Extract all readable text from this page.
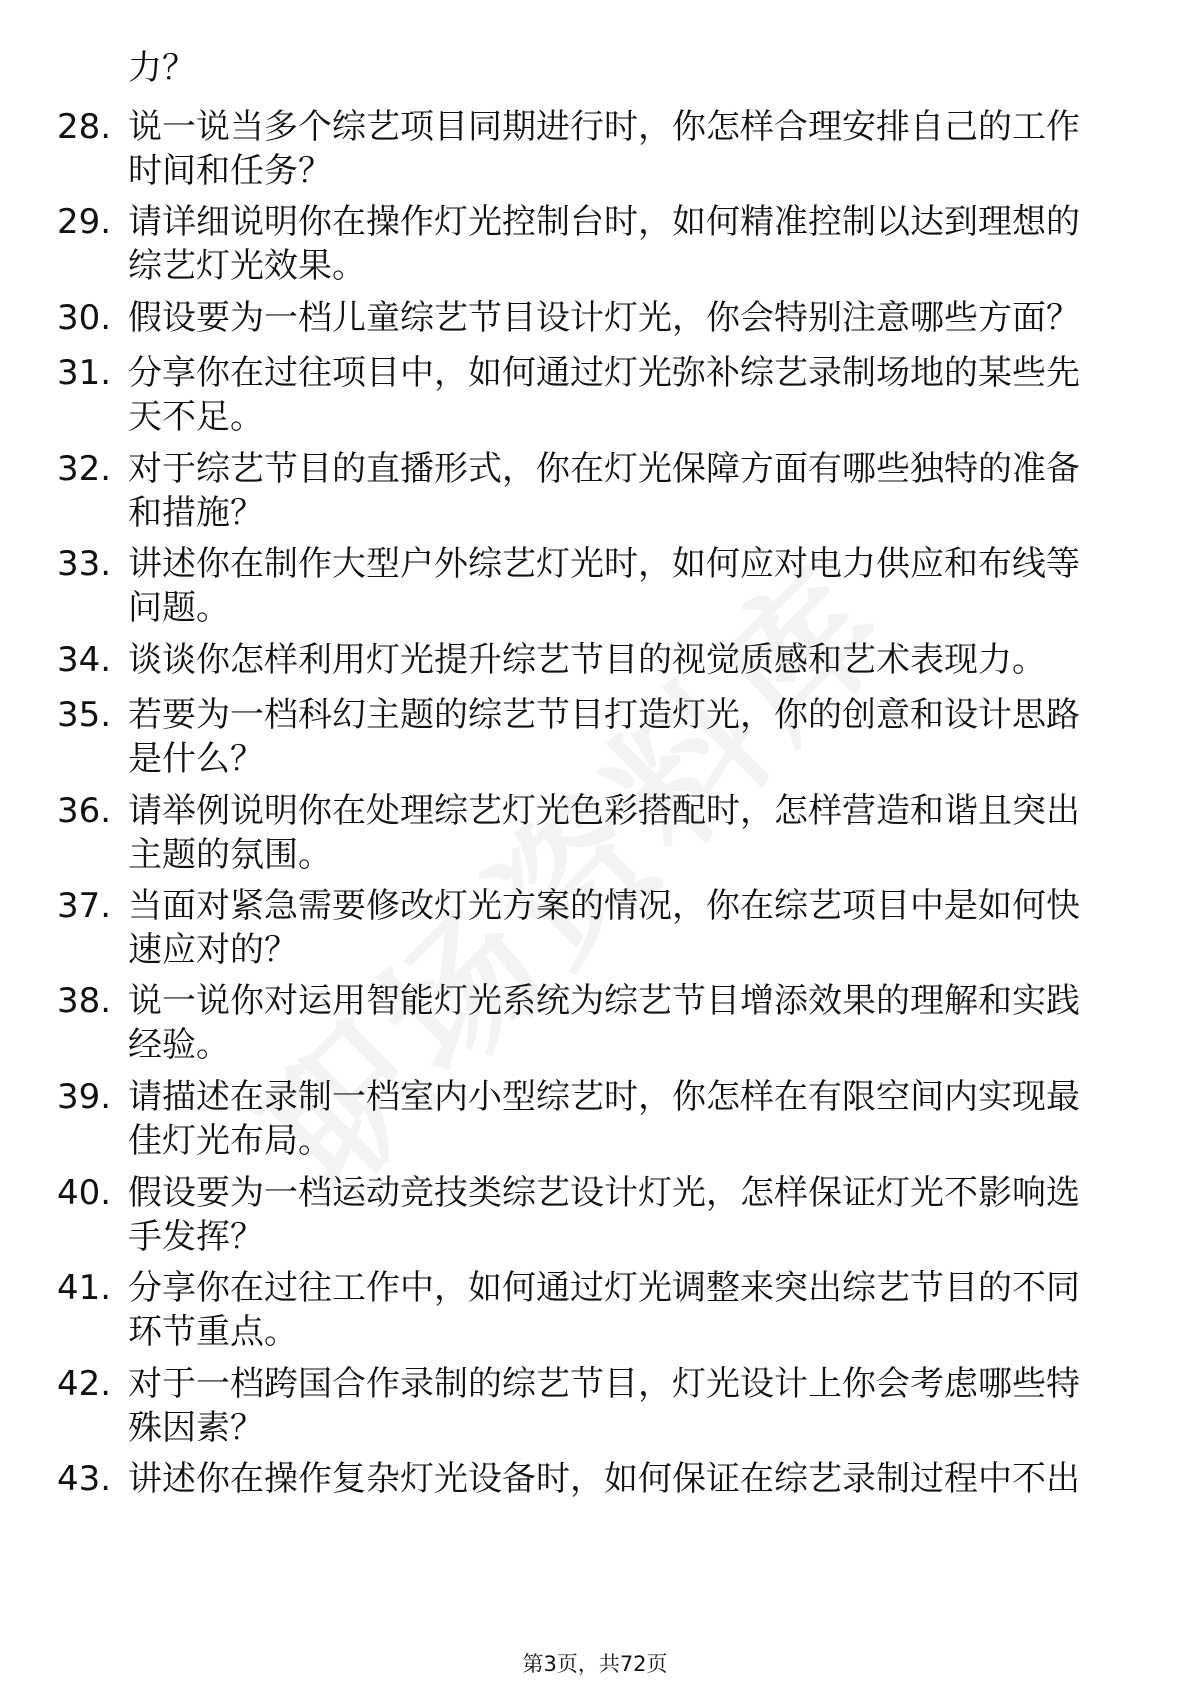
力？
28. 说一说当多个综艺项目同期进行时，你怎样合理安排自己的工作时间和任务？
29. 请详细说明你在操作灯光控制台时，如何精准控制以达到理想的综艺灯光效果。
30. 假设要为一档儿童综艺节目设计灯光，你会特别注意哪些方面？
31. 分享你在过往项目中，如何通过灯光弥补综艺录制场地的某些先天不足。
32. 对于综艺节目的直播形式，你在灯光保障方面有哪些独特的准备和措施？
33. 讲述你在制作大型户外综艺灯光时，如何应对电力供应和布线等问题。
34. 谈谈你怎样利用灯光提升综艺节目的视觉质感和艺术表现力。
35. 若要为一档科幻主题的综艺节目打造灯光，你的创意和设计思路是什么？
36. 请举例说明你在处理综艺灯光色彩搭配时，怎样营造和谐且突出主题的氛围。
37. 当面对紧急需要修改灯光方案的情况，你在综艺项目中是如何快速应对的？
38. 说一说你对运用智能灯光系统为综艺节目增添效果的理解和实践经验。
39. 请描述在录制一档室内小型综艺时，你怎样在有限空间内实现最佳灯光布局。
40. 假设要为一档运动竞技类综艺设计灯光，怎样保证灯光不影响选手发挥？
41. 分享你在过往工作中，如何通过灯光调整来突出综艺节目的不同环节重点。
42. 对于一档跨国合作录制的综艺节目，灯光设计上你会考虑哪些特殊因素？
43. 讲述你在操作复杂灯光设备时，如何保证在综艺录制过程中不出
第3页，共72页
